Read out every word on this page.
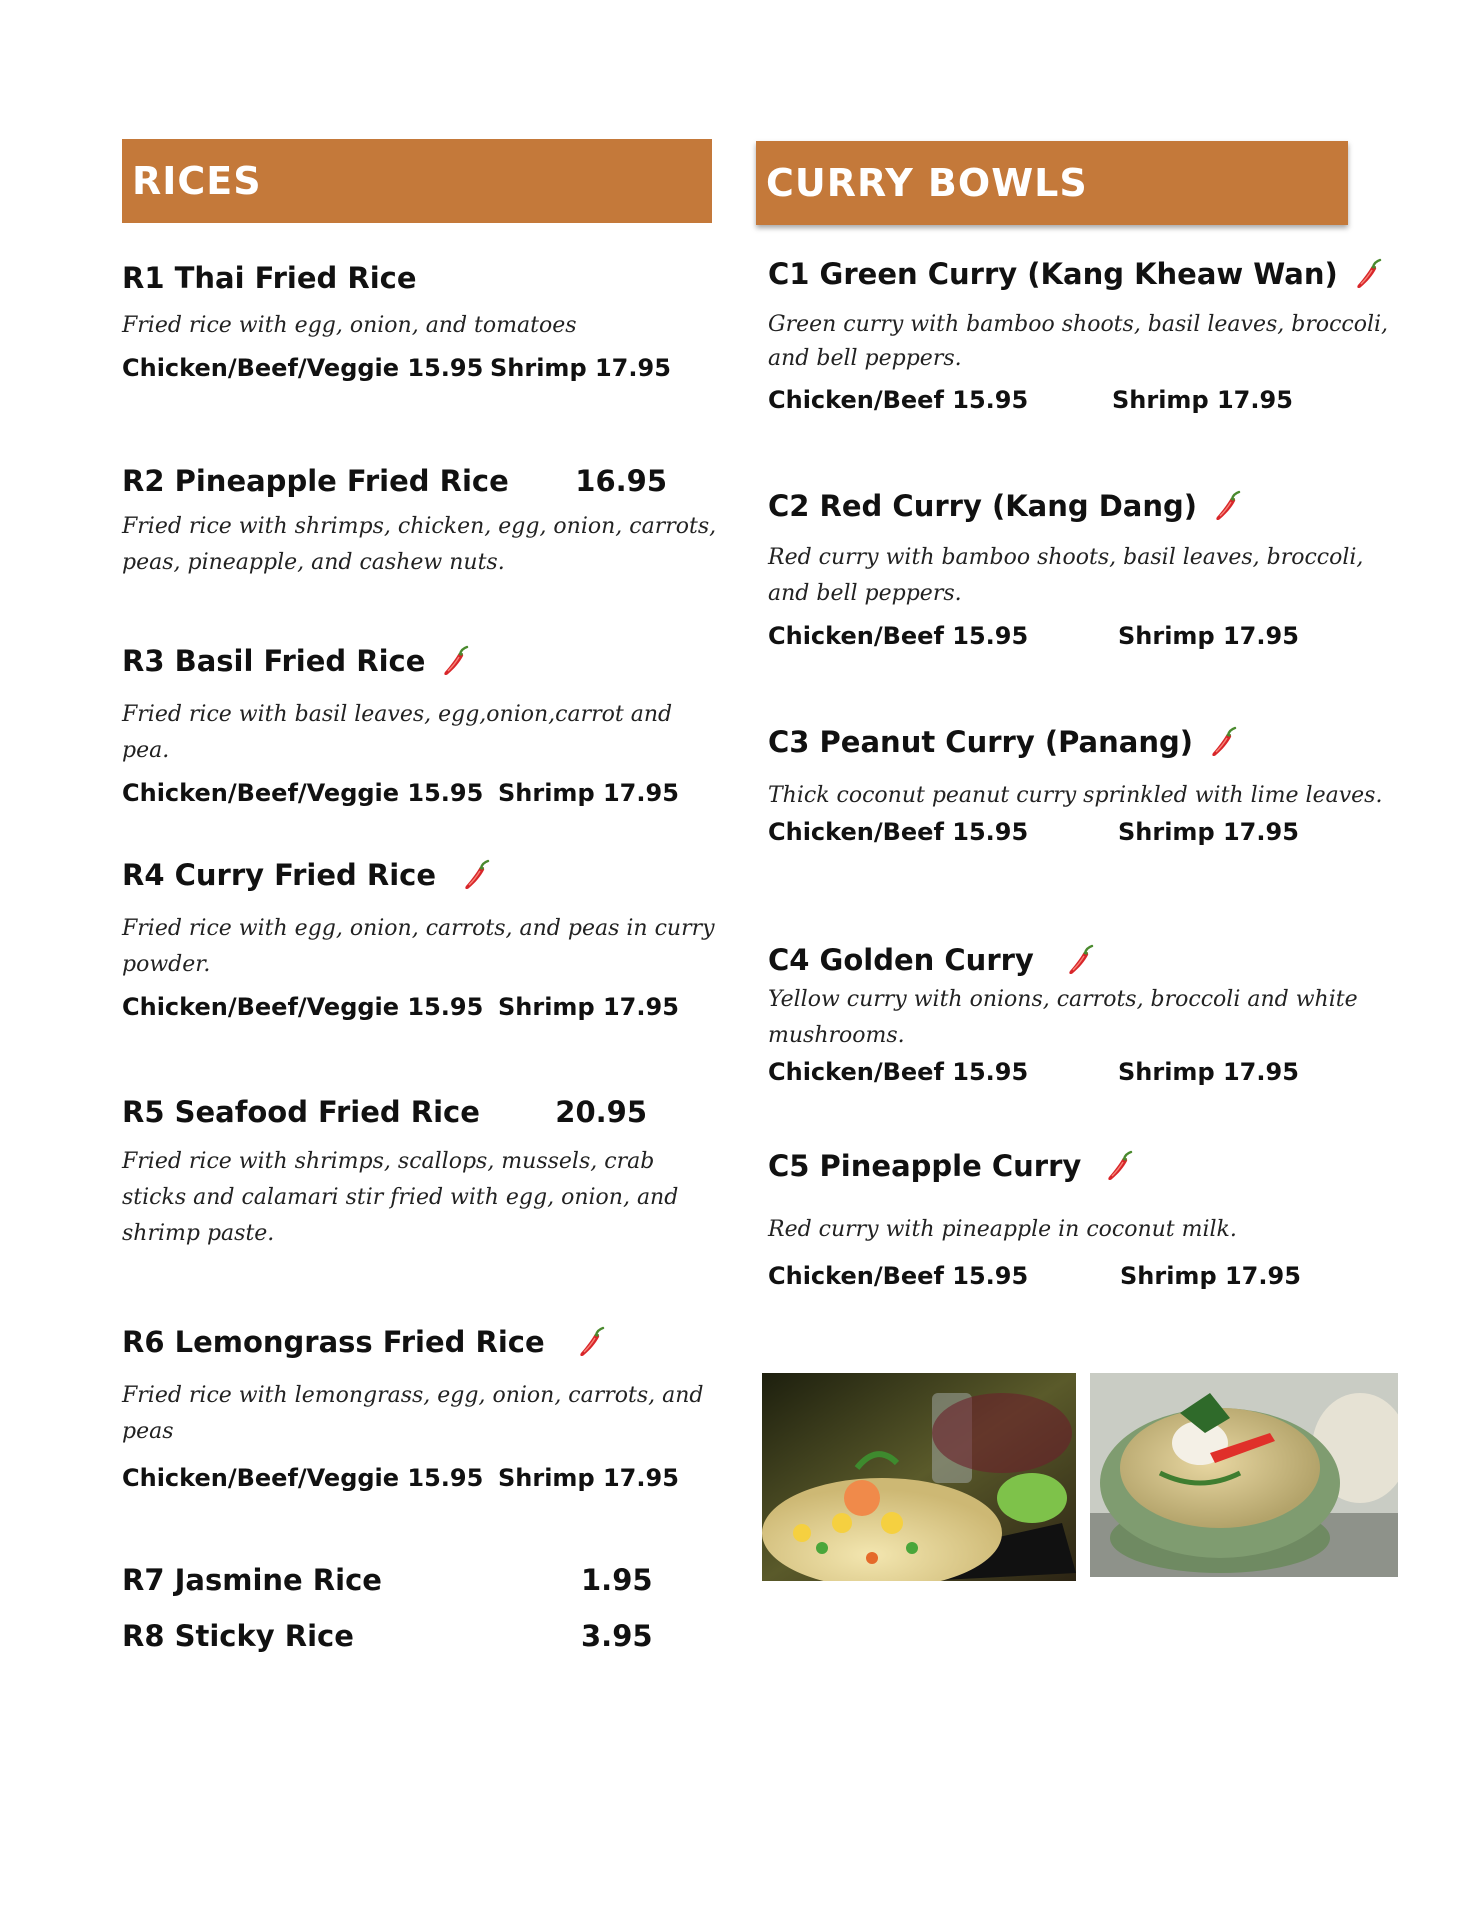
RICES	CURRY BOWLS
R1 Thai Fried Rice
Fried rice with egg, onion, and tomatoes
Chicken/Beef/Veggie 15.95 Shrimp 17.95
R2 Pineapple Fried Rice 16.95
Fried rice with shrimps, chicken, egg, onion, carrots, peas, pineapple, and cashew nuts.
R3 Basil Fried Rice
Fried rice with basil leaves, egg,onion,carrot and pea.
Chicken/Beef/Veggie 15.95 Shrimp 17.95
R4 Curry Fried Rice
Fried rice with egg, onion, carrots, and peas in curry powder.
Chicken/Beef/Veggie 15.95 Shrimp 17.95
R5 Seafood Fried Rice	20.95
Fried rice with shrimps, scallops, mussels, crab sticks and calamari stir fried with egg, onion, and shrimp paste.
R6 Lemongrass Fried Rice
Fried rice with lemongrass, egg, onion, carrots, and peas
Chicken/Beef/Veggie 15.95 Shrimp 17.95
R7 Jasmine Rice	1.95
R8 Sticky Rice	3.95
C1 Green Curry (Kang Kheaw Wan)
Green curry with bamboo shoots, basil leaves, broccoli, and bell peppers.
Chicken/Beef 15.95	Shrimp 17.95
C2 Red Curry (Kang Dang)
Red curry with bamboo shoots, basil leaves, broccoli, and bell peppers.
Chicken/Beef 15.95	Shrimp 17.95
C3 Peanut Curry (Panang)
Thick coconut peanut curry sprinkled with lime leaves.
Chicken/Beef 15.95	Shrimp 17.95
C4 Golden Curry
Yellow curry with onions, carrots, broccoli and white mushrooms.
Chicken/Beef 15.95	Shrimp 17.95
C5 Pineapple Curry
Red curry with pineapple in coconut milk.
Chicken/Beef 15.95	Shrimp 17.95
